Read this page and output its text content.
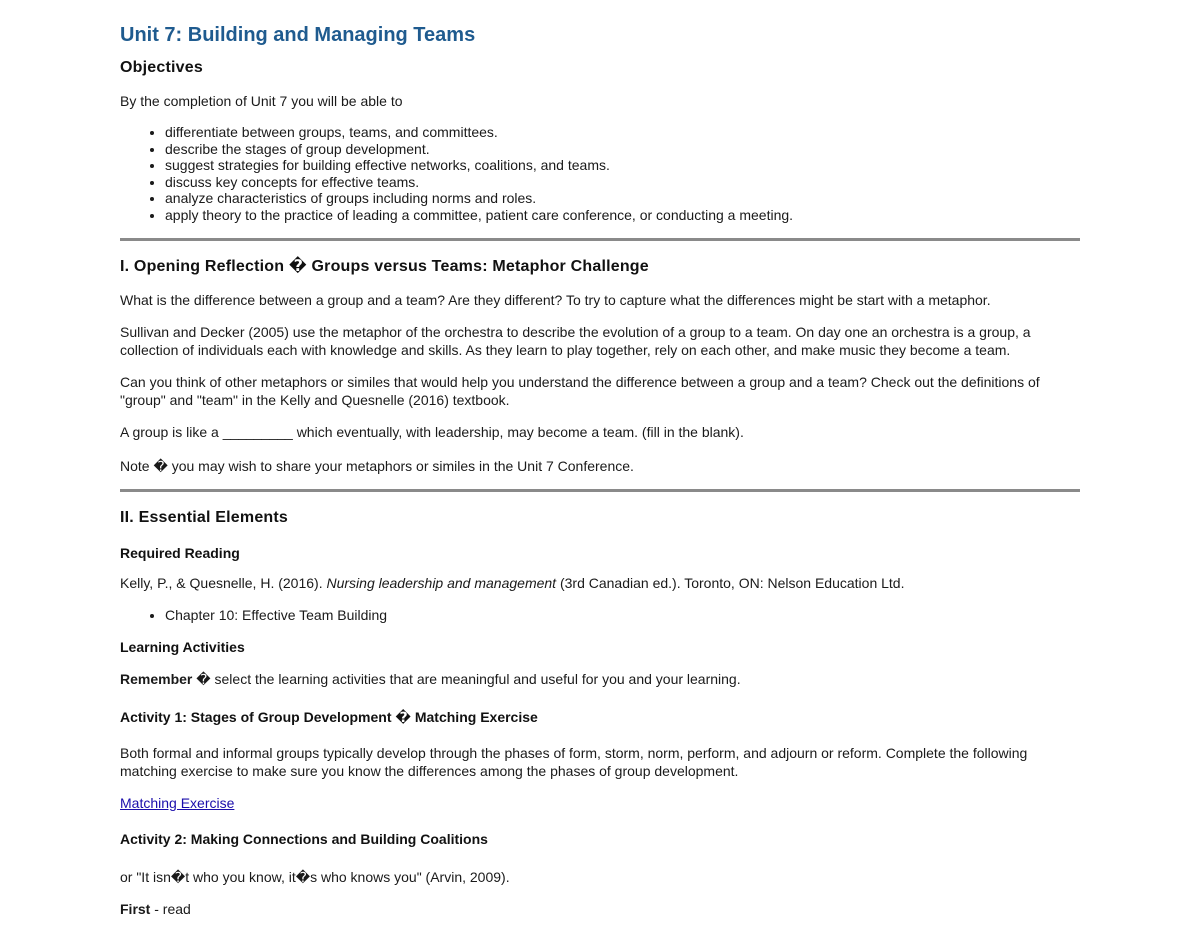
Unit 7: Building and Managing Teams
Objectives

By the completion of Unit 7 you will be able to

• differentiate between groups, teams, and committees.
• describe the stages of group development.
• suggest strategies for building effective networks, coalitions, and teams.
• discuss key concepts for effective teams.
• analyze characteristics of groups including norms and roles.
• apply theory to the practice of leading a committee, patient care conference, or conducting a meeting.
I. Opening Reflection � Groups versus Teams: Metaphor Challenge

What is the difference between a group and a team? Are they different? To try to capture what the differences might be start with a metaphor.

Sullivan and Decker (2005) use the metaphor of the orchestra to describe the evolution of a group to a team. On day one an orchestra is a group, a collection of individuals each with knowledge and skills. As they learn to play together, rely on each other, and make music they become a team.

Can you think of other metaphors or similes that would help you understand the difference between a group and a team? Check out the definitions of "group" and "team" in the Kelly and Quesnelle (2016) textbook.

A group is like a _________ which eventually, with leadership, may become a team. (fill in the blank).

Note � you may wish to share your metaphors or similes in the Unit 7 Conference.

II. Essential Elements
Required Reading

Kelly, P., & Quesnelle, H. (2016). Nursing leadership and management (3rd Canadian ed.). Toronto, ON: Nelson Education Ltd.

• Chapter 10: Effective Team Building
Learning Activities

Remember � select the learning activities that are meaningful and useful for you and your learning.

Activity 1: Stages of Group Development � Matching Exercise

Both formal and informal groups typically develop through the phases of form, storm, norm, perform, and adjourn or reform. Complete the following matching exercise to make sure you know the differences among the phases of group development.

Matching Exercise

Activity 2: Making Connections and Building Coalitions

or "It isn�t who you know, it�s who knows you" (Arvin, 2009).

First - read
